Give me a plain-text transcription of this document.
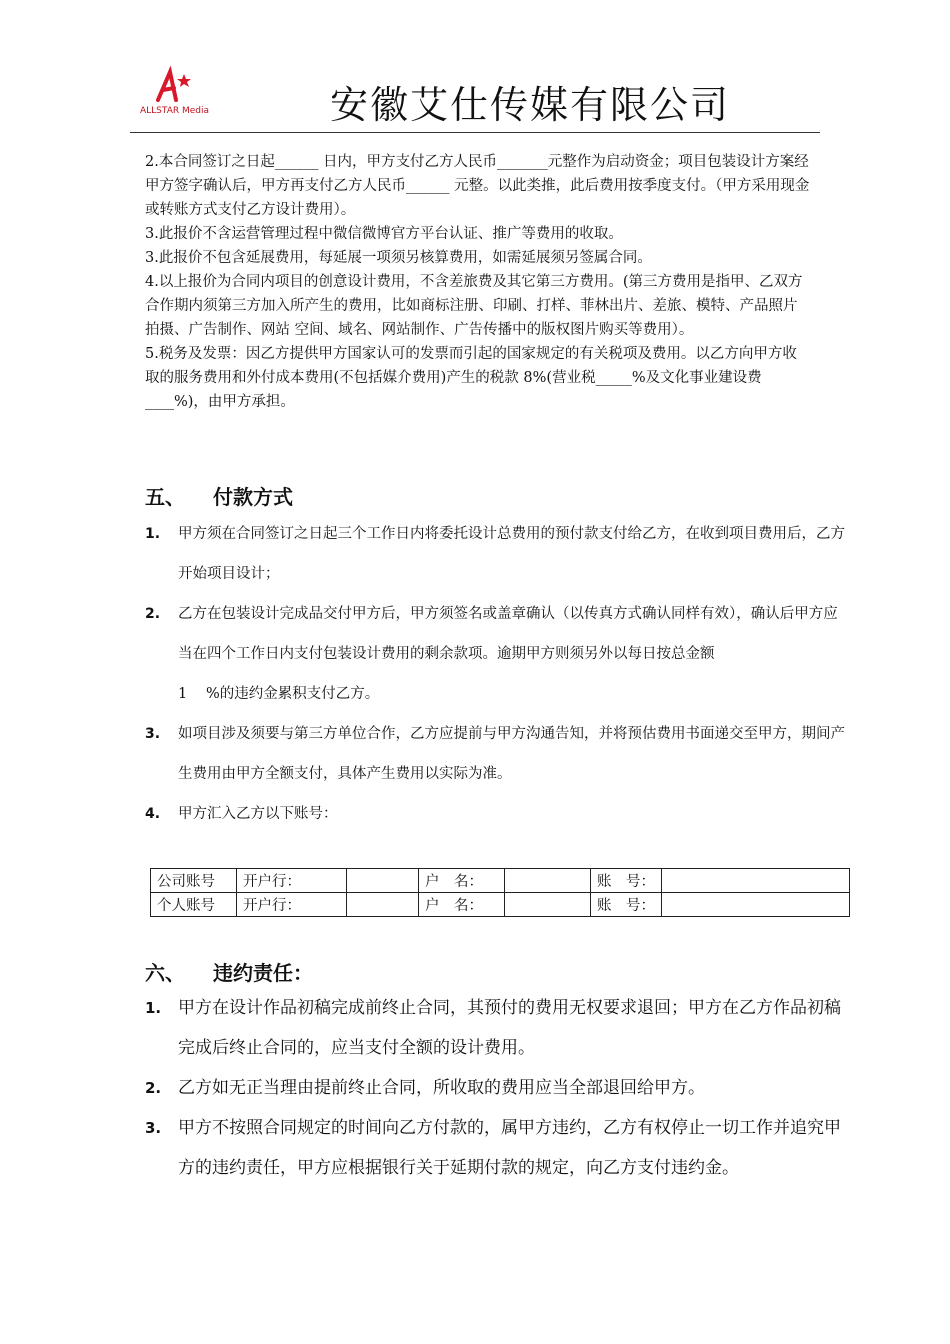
ALLSTAR Media	安徽艾仕传媒有限公司

2.本合同签订之日起______ 日内，甲方支付乙方人民币_______元整作为启动资金；项目包装设计方案经甲方签字确认后，甲方再支付乙方人民币______ 元整。以此类推，此后费用按季度支付。（甲方采用现金或转账方式支付乙方设计费用）。

3.此报价不含运营管理过程中微信微博官方平台认证、推广等费用的收取。

3.此报价不包含延展费用，每延展一项须另核算费用，如需延展须另签属合同。

4.以上报价为合同内项目的创意设计费用，不含差旅费及其它第三方费用。(第三方费用是指甲、乙双方合作期内须第三方加入所产生的费用，比如商标注册、印刷、打样、菲林出片、差旅、模特、产品照片拍摄、广告制作、网站 空间、域名、网站制作、广告传播中的版权图片购买等费用）。

5.税务及发票：因乙方提供甲方国家认可的发票而引起的国家规定的有关税项及费用。以乙方向甲方收取的服务费用和外付成本费用(不包括媒介费用)产生的税款 8%(营业税_____%及文化事业建设费____%)，由甲方承担。

五、 付款方式
1. 甲方须在合同签订之日起三个工作日内将委托设计总费用的预付款支付给乙方，在收到项目费用后，乙方开始项目设计；
2. 乙方在包装设计完成品交付甲方后，甲方须签名或盖章确认（以传真方式确认同样有效），确认后甲方应当在四个工作日内支付包装设计费用的剩余款项。逾期甲方则须另外以每日按总金额
1 %的违约金累积支付乙方。
3. 如项目涉及须要与第三方单位合作，乙方应提前与甲方沟通告知，并将预估费用书面递交至甲方，期间产生费用由甲方全额支付，具体产生费用以实际为准。
4. 甲方汇入乙方以下账号：
公司账号	开户行：		户　名：		账　号：	
个人账号	开户行：		户　名：		账　号：	
六、 违约责任：
1. 甲方在设计作品初稿完成前终止合同，其预付的费用无权要求退回；甲方在乙方作品初稿完成后终止合同的，应当支付全额的设计费用。
2. 乙方如无正当理由提前终止合同，所收取的费用应当全部退回给甲方。
3. 甲方不按照合同规定的时间向乙方付款的，属甲方违约，乙方有权停止一切工作并追究甲方的违约责任，甲方应根据银行关于延期付款的规定，向乙方支付违约金。
